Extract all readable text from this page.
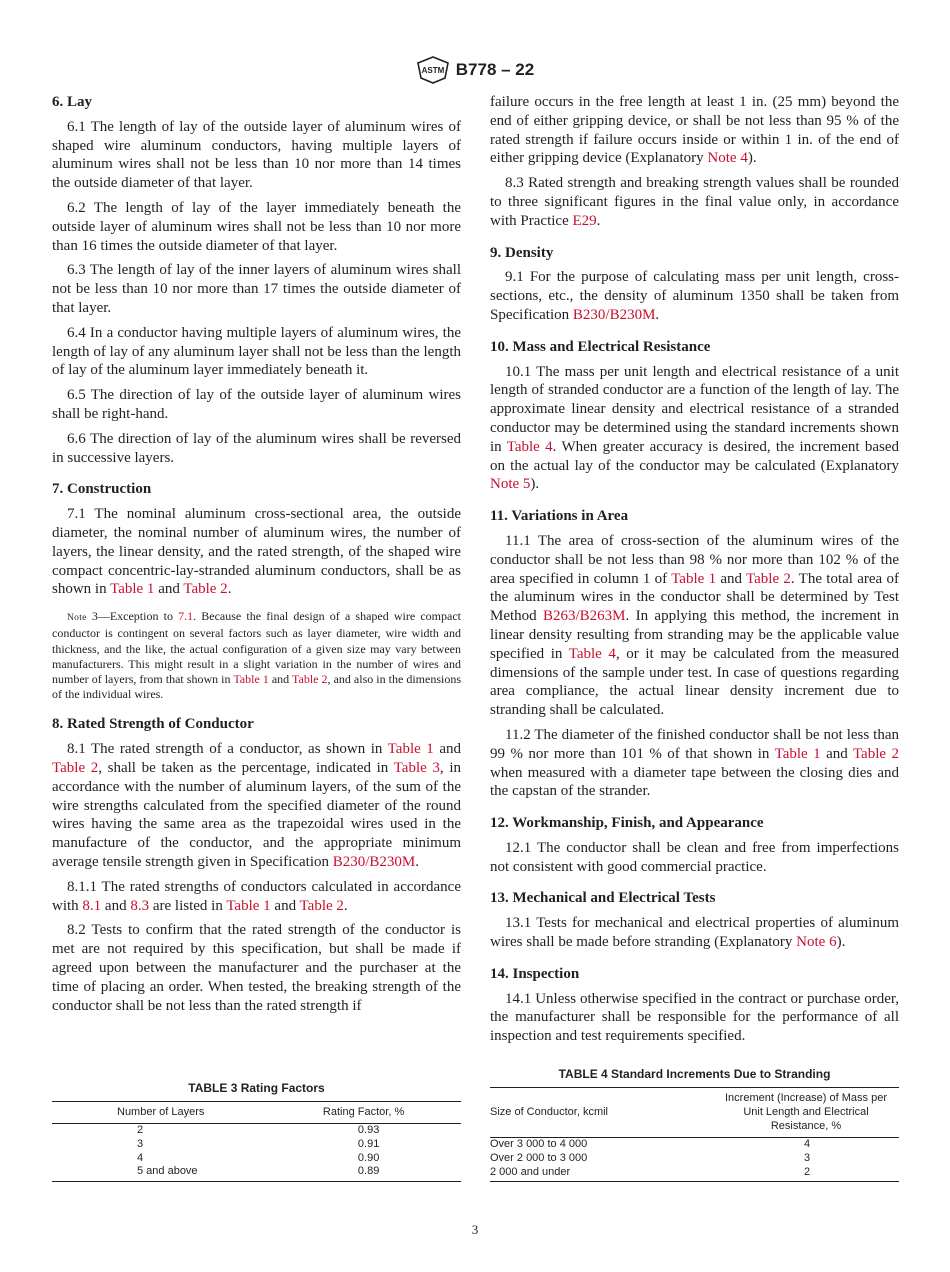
ASTM B778 – 22
6. Lay

6.1 The length of lay of the outside layer of aluminum wires of shaped wire aluminum conductors, having multiple layers of aluminum wires shall not be less than 10 nor more than 14 times the outside diameter of that layer.

6.2 The length of lay of the layer immediately beneath the outside layer of aluminum wires shall not be less than 10 nor more than 16 times the outside diameter of that layer.

6.3 The length of lay of the inner layers of aluminum wires shall not be less than 10 nor more than 17 times the outside diameter of that layer.

6.4 In a conductor having multiple layers of aluminum wires, the length of lay of any aluminum layer shall not be less than the length of lay of the aluminum layer immediately beneath it.

6.5 The direction of lay of the outside layer of aluminum wires shall be right-hand.

6.6 The direction of lay of the aluminum wires shall be reversed in successive layers.

7. Construction

7.1 The nominal aluminum cross-sectional area, the outside diameter, the nominal number of aluminum wires, the number of layers, the linear density, and the rated strength, of the shaped wire compact concentric-lay-stranded aluminum conductors, shall be as shown in Table 1 and Table 2.

Note 3—Exception to 7.1. Because the final design of a shaped wire compact conductor is contingent on several factors such as layer diameter, wire width and thickness, and the like, the actual configuration of a given size may vary between manufacturers. This might result in a slight variation in the number of wires and number of layers, from that shown in Table 1 and Table 2, and also in the dimensions of the individual wires.

8. Rated Strength of Conductor

8.1 The rated strength of a conductor, as shown in Table 1 and Table 2, shall be taken as the percentage, indicated in Table 3, in accordance with the number of aluminum layers, of the sum of the wire strengths calculated from the specified diameter of the round wires having the same area as the trapezoidal wires used in the manufacture of the conductor, and the appropriate minimum average tensile strength given in Specification B230/B230M.

8.1.1 The rated strengths of conductors calculated in accordance with 8.1 and 8.3 are listed in Table 1 and Table 2.

8.2 Tests to confirm that the rated strength of the conductor is met are not required by this specification, but shall be made if agreed upon between the manufacturer and the purchaser at the time of placing an order. When tested, the breaking strength of the conductor shall be not less than the rated strength if

failure occurs in the free length at least 1 in. (25 mm) beyond the end of either gripping device, or shall be not less than 95 % of the rated strength if failure occurs inside or within 1 in. of the end of either gripping device (Explanatory Note 4).

8.3 Rated strength and breaking strength values shall be rounded to three significant figures in the final value only, in accordance with Practice E29.

9. Density

9.1 For the purpose of calculating mass per unit length, cross-sections, etc., the density of aluminum 1350 shall be taken from Specification B230/B230M.

10. Mass and Electrical Resistance

10.1 The mass per unit length and electrical resistance of a unit length of stranded conductor are a function of the length of lay. The approximate linear density and electrical resistance of a stranded conductor may be determined using the standard increments shown in Table 4. When greater accuracy is desired, the increment based on the actual lay of the conductor may be calculated (Explanatory Note 5).

11. Variations in Area

11.1 The area of cross-section of the aluminum wires of the conductor shall be not less than 98 % nor more than 102 % of the area specified in column 1 of Table 1 and Table 2. The total area of the aluminum wires in the conductor shall be determined by Test Method B263/B263M. In applying this method, the increment in linear density resulting from stranding may be the applicable value specified in Table 4, or it may be calculated from the measured dimensions of the sample under test. In case of questions regarding area compliance, the actual linear density increment due to stranding shall be calculated.

11.2 The diameter of the finished conductor shall be not less than 99 % nor more than 101 % of that shown in Table 1 and Table 2 when measured with a diameter tape between the closing dies and the capstan of the strander.

12. Workmanship, Finish, and Appearance

12.1 The conductor shall be clean and free from imperfections not consistent with good commercial practice.

13. Mechanical and Electrical Tests

13.1 Tests for mechanical and electrical properties of aluminum wires shall be made before stranding (Explanatory Note 6).

14. Inspection

14.1 Unless otherwise specified in the contract or purchase order, the manufacturer shall be responsible for the performance of all inspection and test requirements specified.

TABLE 3 Rating Factors
Number of Layers	Rating Factor, %
2	0.93
3	0.91
4	0.90
5 and above	0.89
TABLE 4 Standard Increments Due to Stranding
Size of Conductor, kcmil	Increment (Increase) of Mass per Unit Length and Electrical Resistance, %
Over 3 000 to 4 000	4
Over 2 000 to 3 000	3
2 000 and under	2
3
